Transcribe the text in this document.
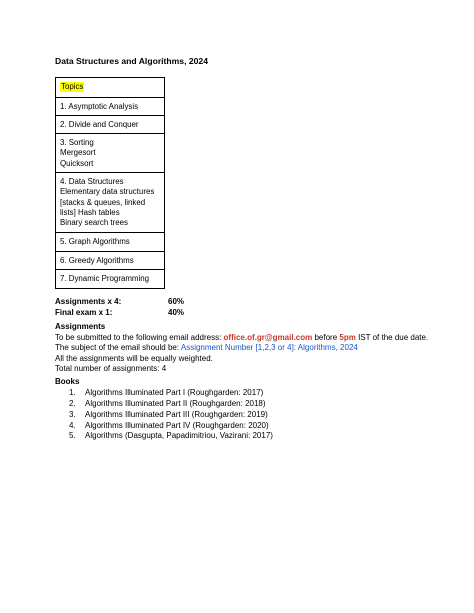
Data Structures and Algorithms, 2024
Topics
1. Asymptotic Analysis
2. Divide and Conquer
3. Sorting
Mergesort
Quicksort
4. Data Structures
Elementary data structures
[stacks & queues, linked
lists] Hash tables
Binary search trees
5. Graph Algorithms
6. Greedy Algorithms
7. Dynamic Programming
Assignments x 4:	60%
Final exam x 1:	40%
Assignments
To be submitted to the following email address: office.of.gr@gmail.com before 5pm IST of the due date.
The subject of the email should be: Assignment Number [1,2,3 or 4]: Algorithms, 2024
All the assignments will be equally weighted.
Total number of assignments: 4
Books
1. Algorithms Illuminated Part I (Roughgarden: 2017)
2. Algorithms Illuminated Part II (Roughgarden: 2018)
3. Algorithms Illuminated Part III (Roughgarden: 2019)
4. Algorithms Illuminated Part IV (Roughgarden: 2020)
5. Algorithms (Dasgupta, Papadimitriou, Vazirani: 2017)
